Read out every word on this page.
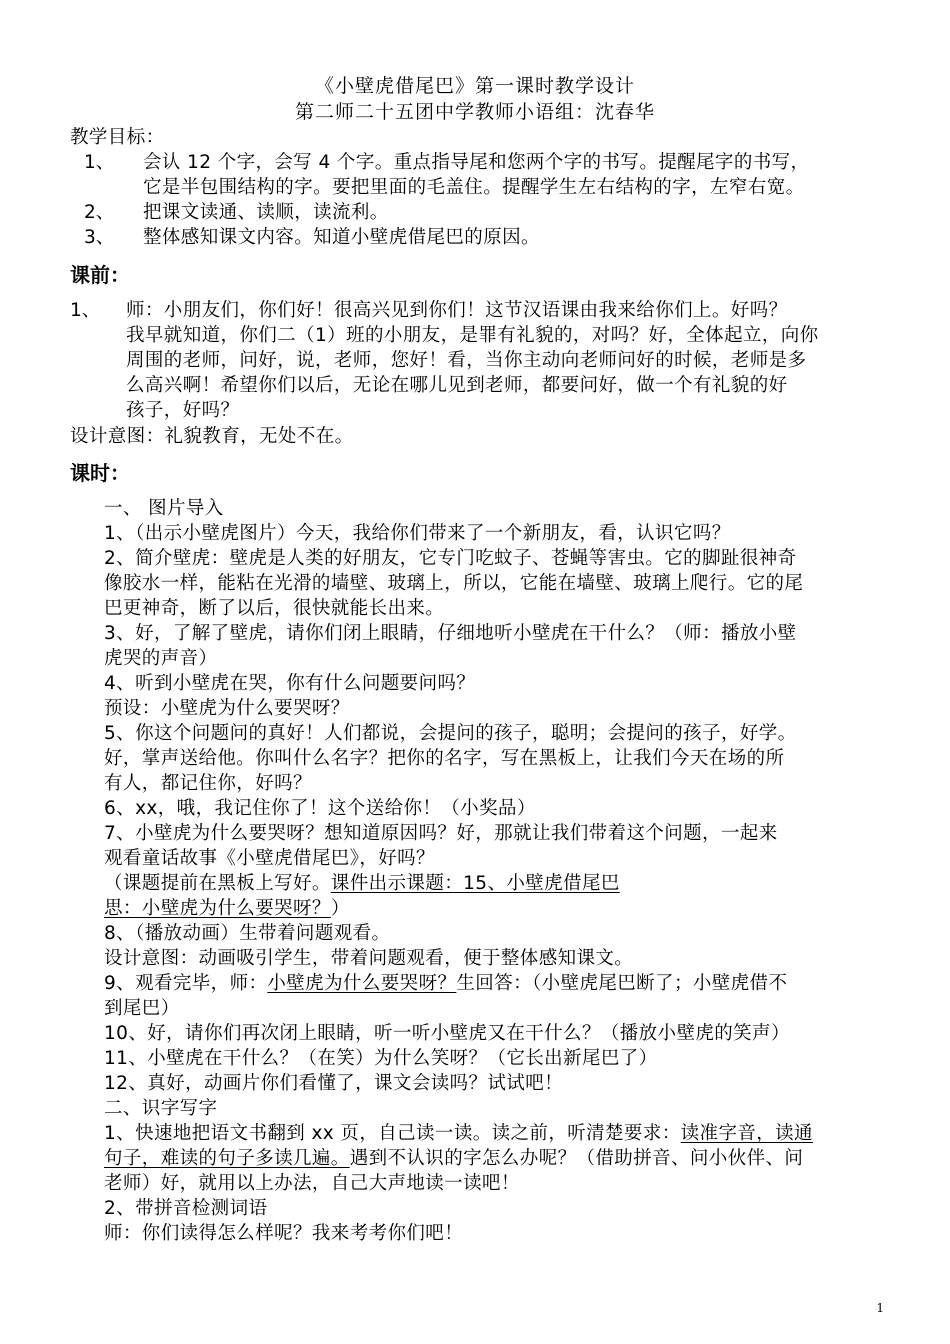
《小壁虎借尾巴》第一课时教学设计
第二师二十五团中学教师小语组：沈春华
教学目标：
1、 会认 12 个字，会写 4 个字。重点指导尾和您两个字的书写。提醒尾字的书写，
它是半包围结构的字。要把里面的毛盖住。提醒学生左右结构的字，左窄右宽。
2、 把课文读通、读顺，读流利。
3、 整体感知课文内容。知道小壁虎借尾巴的原因。
课前：
1、 师：小朋友们，你们好！很高兴见到你们！这节汉语课由我来给你们上。好吗？
我早就知道，你们二（1）班的小朋友，是罪有礼貌的，对吗？好，全体起立，向你
周围的老师，问好，说，老师，您好！看，当你主动向老师问好的时候，老师是多
么高兴啊！希望你们以后，无论在哪儿见到老师，都要问好，做一个有礼貌的好
孩子，好吗？
设计意图：礼貌教育，无处不在。
课时：
一、 图片导入
1、（出示小壁虎图片）今天，我给你们带来了一个新朋友，看，认识它吗？
2、简介壁虎：壁虎是人类的好朋友，它专门吃蚊子、苍蝇等害虫。它的脚趾很神奇
像胶水一样，能粘在光滑的墙壁、玻璃上，所以，它能在墙壁、玻璃上爬行。它的尾
巴更神奇，断了以后，很快就能长出来。
3、好，了解了壁虎，请你们闭上眼睛，仔细地听小壁虎在干什么？（师：播放小壁
虎哭的声音）
4、听到小壁虎在哭，你有什么问题要问吗？
预设：小壁虎为什么要哭呀？
5、你这个问题问的真好！人们都说，会提问的孩子，聪明；会提问的孩子，好学。
好，掌声送给他。你叫什么名字？把你的名字，写在黑板上，让我们今天在场的所
有人，都记住你，好吗？
6、xx，哦，我记住你了！这个送给你！（小奖品）
7、小壁虎为什么要哭呀？想知道原因吗？好，那就让我们带着这个问题，一起来
观看童话故事《小壁虎借尾巴》，好吗？
（课题提前在黑板上写好。课件出示课题：15、小壁虎借尾巴
思：小壁虎为什么要哭呀？）
8、（播放动画）生带着问题观看。
设计意图：动画吸引学生，带着问题观看，便于整体感知课文。
9、观看完毕，师：小壁虎为什么要哭呀？生回答：（小壁虎尾巴断了；小壁虎借不
到尾巴）
10、好，请你们再次闭上眼睛，听一听小壁虎又在干什么？（播放小壁虎的笑声）
11、小壁虎在干什么？（在笑）为什么笑呀？（它长出新尾巴了）
12、真好，动画片你们看懂了，课文会读吗？试试吧！
二、识字写字
1、快速地把语文书翻到 xx 页，自己读一读。读之前，听清楚要求：读准字音，读通
句子，难读的句子多读几遍。遇到不认识的字怎么办呢？（借助拼音、问小伙伴、问
老师）好，就用以上办法，自己大声地读一读吧！
2、带拼音检测词语
师：你们读得怎么样呢？我来考考你们吧！
1
